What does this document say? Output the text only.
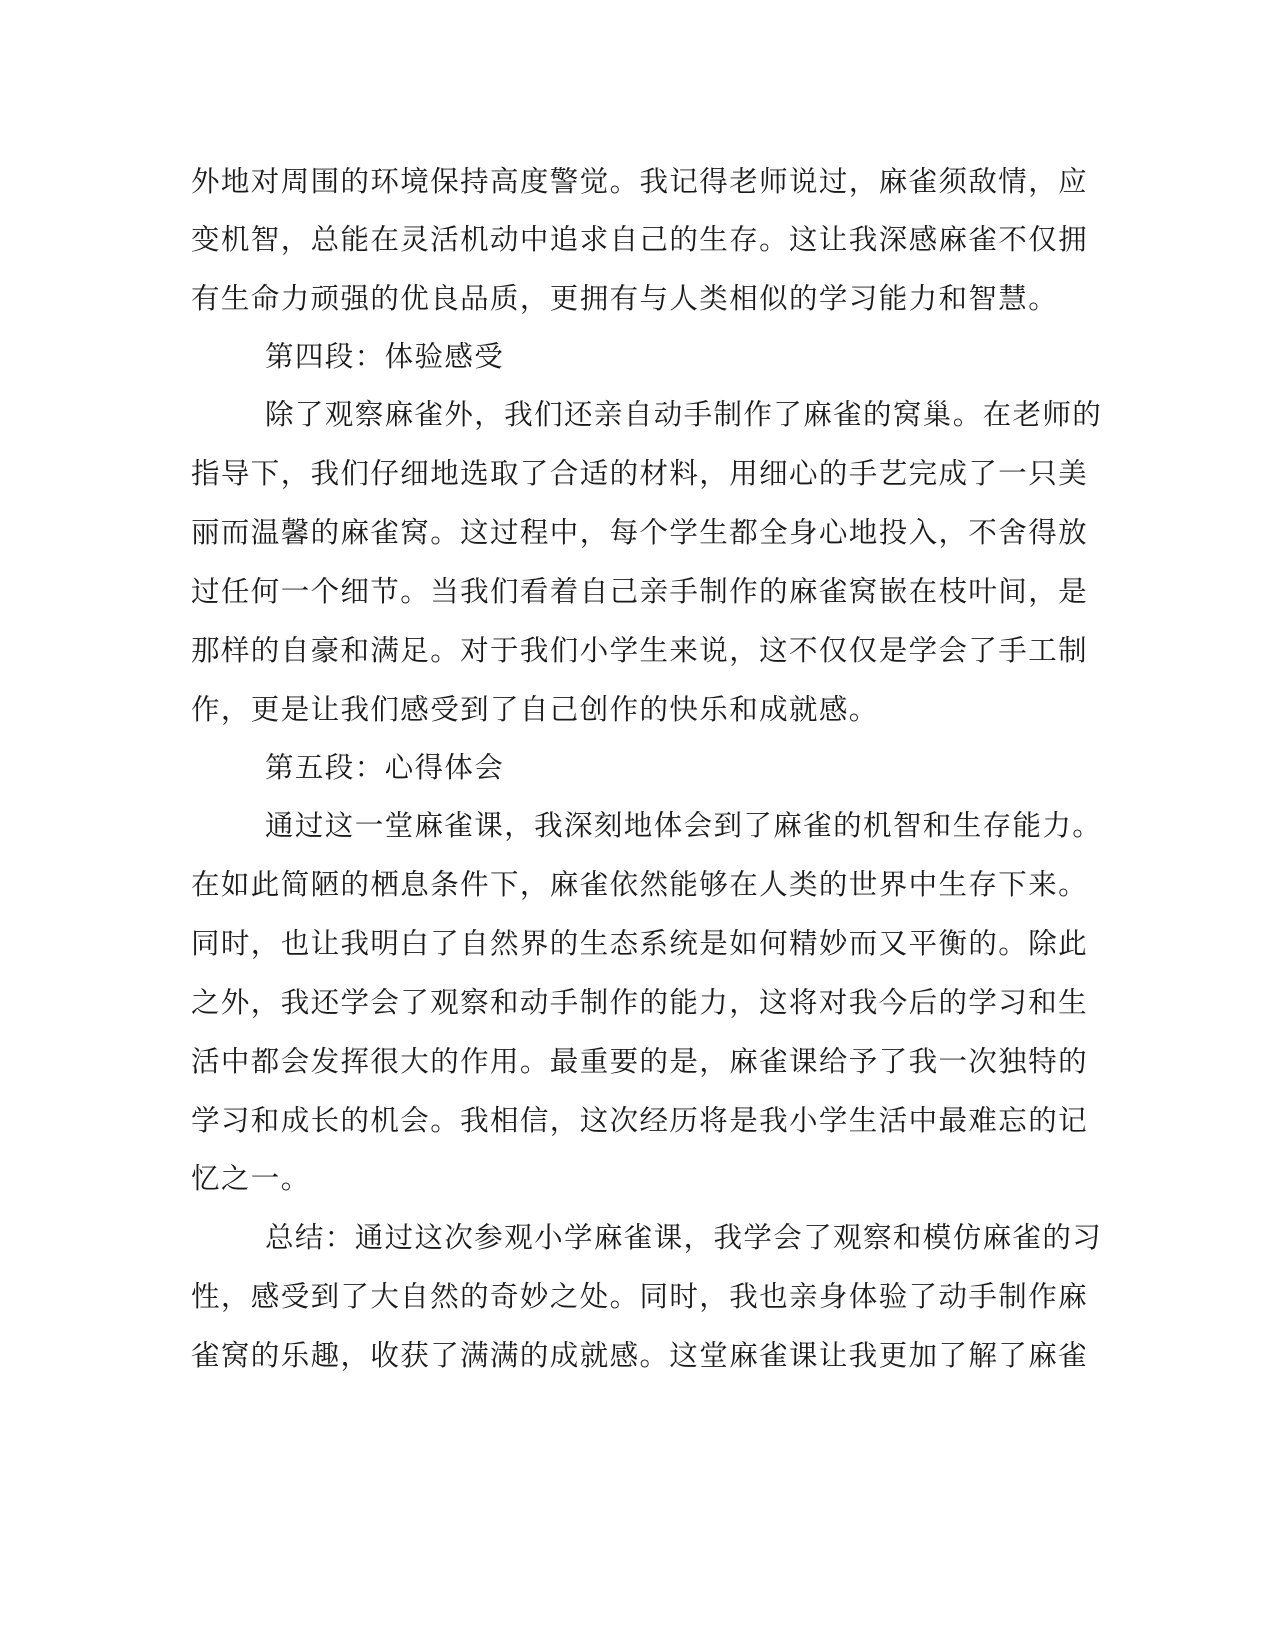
外地对周围的环境保持高度警觉。我记得老师说过，麻雀须敌情，应
变机智，总能在灵活机动中追求自己的生存。这让我深感麻雀不仅拥
有生命力顽强的优良品质，更拥有与人类相似的学习能力和智慧。
第四段：体验感受
除了观察麻雀外，我们还亲自动手制作了麻雀的窝巢。在老师的
指导下，我们仔细地选取了合适的材料，用细心的手艺完成了一只美
丽而温馨的麻雀窝。这过程中，每个学生都全身心地投入，不舍得放
过任何一个细节。当我们看着自己亲手制作的麻雀窝嵌在枝叶间，是
那样的自豪和满足。对于我们小学生来说，这不仅仅是学会了手工制
作，更是让我们感受到了自己创作的快乐和成就感。
第五段：心得体会
通过这一堂麻雀课，我深刻地体会到了麻雀的机智和生存能力。
在如此简陋的栖息条件下，麻雀依然能够在人类的世界中生存下来。
同时，也让我明白了自然界的生态系统是如何精妙而又平衡的。除此
之外，我还学会了观察和动手制作的能力，这将对我今后的学习和生
活中都会发挥很大的作用。最重要的是，麻雀课给予了我一次独特的
学习和成长的机会。我相信，这次经历将是我小学生活中最难忘的记
忆之一。
总结：通过这次参观小学麻雀课，我学会了观察和模仿麻雀的习
性，感受到了大自然的奇妙之处。同时，我也亲身体验了动手制作麻
雀窝的乐趣，收获了满满的成就感。这堂麻雀课让我更加了解了麻雀
